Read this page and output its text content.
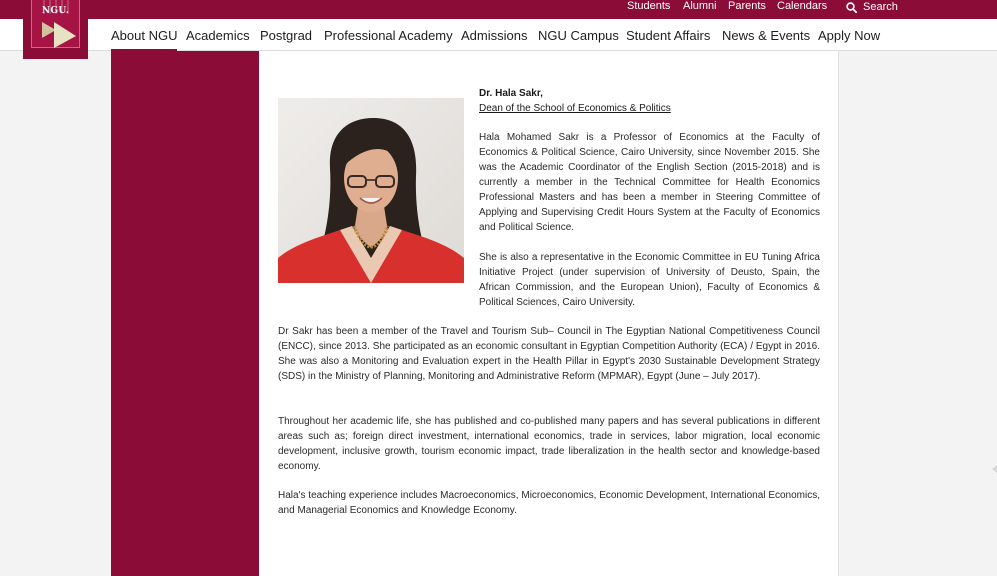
Students Alumni Parents Calendars	Search
About NGU Academics Postgrad Professional Academy Admissions NGU Campus Student Affairs News & Events Apply Now
NGU.
Dr. Hala Sakr,
Dean of the School of Economics & Politics

Hala Mohamed Sakr is a Professor of Economics at the Faculty of Economics & Political Science, Cairo University, since November 2015. She was the Academic Coordinator of the English Section (2015-2018) and is currently a member in the Technical Committee for Health Economics Professional Masters and has been a member in Steering Committee of Applying and Supervising Credit Hours System at the Faculty of Economics and Political Science.

She is also a representative in the Economic Committee in EU Tuning Africa Initiative Project (under supervision of University of Deusto, Spain, the African Commission, and the European Union), Faculty of Economics & Political Sciences, Cairo University.

Dr Sakr has been a member of the Travel and Tourism Sub– Council in The Egyptian National Competitiveness Council (ENCC), since 2013. She participated as an economic consultant in Egyptian Competition Authority (ECA) / Egypt in 2016. She was also a Monitoring and Evaluation expert in the Health Pillar in Egypt's 2030 Sustainable Development Strategy (SDS) in the Ministry of Planning, Monitoring and Administrative Reform (MPMAR), Egypt (June – July 2017).

Throughout her academic life, she has published and co-published many papers and has several publications in different areas such as; foreign direct investment, international economics, trade in services, labor migration, local economic development, inclusive growth, tourism economic impact, trade liberalization in the health sector and knowledge-based economy.

Hala's teaching experience includes Macroeconomics, Microeconomics, Economic Development, International Economics, and Managerial Economics and Knowledge Economy.
